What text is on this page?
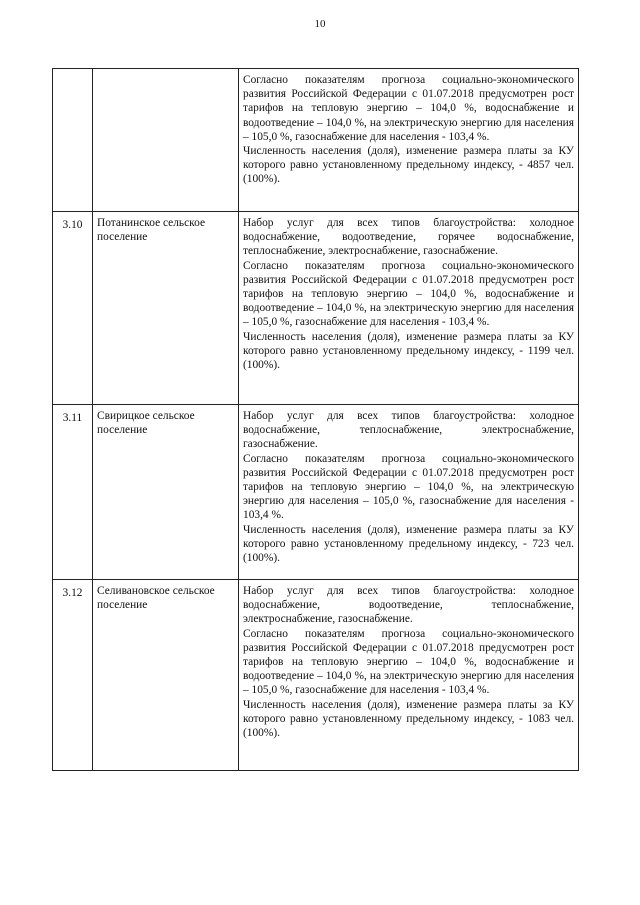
10

		Согласно показателям прогноза социально-экономического развития Российской Федерации с 01.07.2018 предусмотрен рост тарифов на тепловую энергию – 104,0 %, водоснабжение и водоотведение – 104,0 %, на электрическую энергию для населения – 105,0 %, газоснабжение для населения - 103,4 %.
Численность населения (доля), изменение размера платы за КУ которого равно установленному предельному индексу, - 4857 чел. (100%).

3.10	Потанинское сельское поселение	Набор услуг для всех типов благоустройства: холодное водоснабжение, водоотведение, горячее водоснабжение, теплоснабжение, электроснабжение, газоснабжение.
Согласно показателям прогноза социально-экономического развития Российской Федерации с 01.07.2018 предусмотрен рост тарифов на тепловую энергию – 104,0 %, водоснабжение и водоотведение – 104,0 %, на электрическую энергию для населения – 105,0 %, газоснабжение для населения - 103,4 %.
Численность населения (доля), изменение размера платы за КУ которого равно установленному предельному индексу, - 1199 чел. (100%).

3.11	Свирицкое сельское поселение	Набор услуг для всех типов благоустройства: холодное водоснабжение, теплоснабжение, электроснабжение, газоснабжение.
Согласно показателям прогноза социально-экономического развития Российской Федерации с 01.07.2018 предусмотрен рост тарифов на тепловую энергию – 104,0 %, на электрическую энергию для населения – 105,0 %, газоснабжение для населения - 103,4 %.
Численность населения (доля), изменение размера платы за КУ которого равно установленному предельному индексу, - 723 чел. (100%).

3.12	Селивановское сельское поселение	Набор услуг для всех типов благоустройства: холодное водоснабжение, водоотведение, теплоснабжение, электроснабжение, газоснабжение.
Согласно показателям прогноза социально-экономического развития Российской Федерации с 01.07.2018 предусмотрен рост тарифов на тепловую энергию – 104,0 %, водоснабжение и водоотведение – 104,0 %, на электрическую энергию для населения – 105,0 %, газоснабжение для населения - 103,4 %.
Численность населения (доля), изменение размера платы за КУ которого равно установленному предельному индексу, - 1083 чел. (100%).
